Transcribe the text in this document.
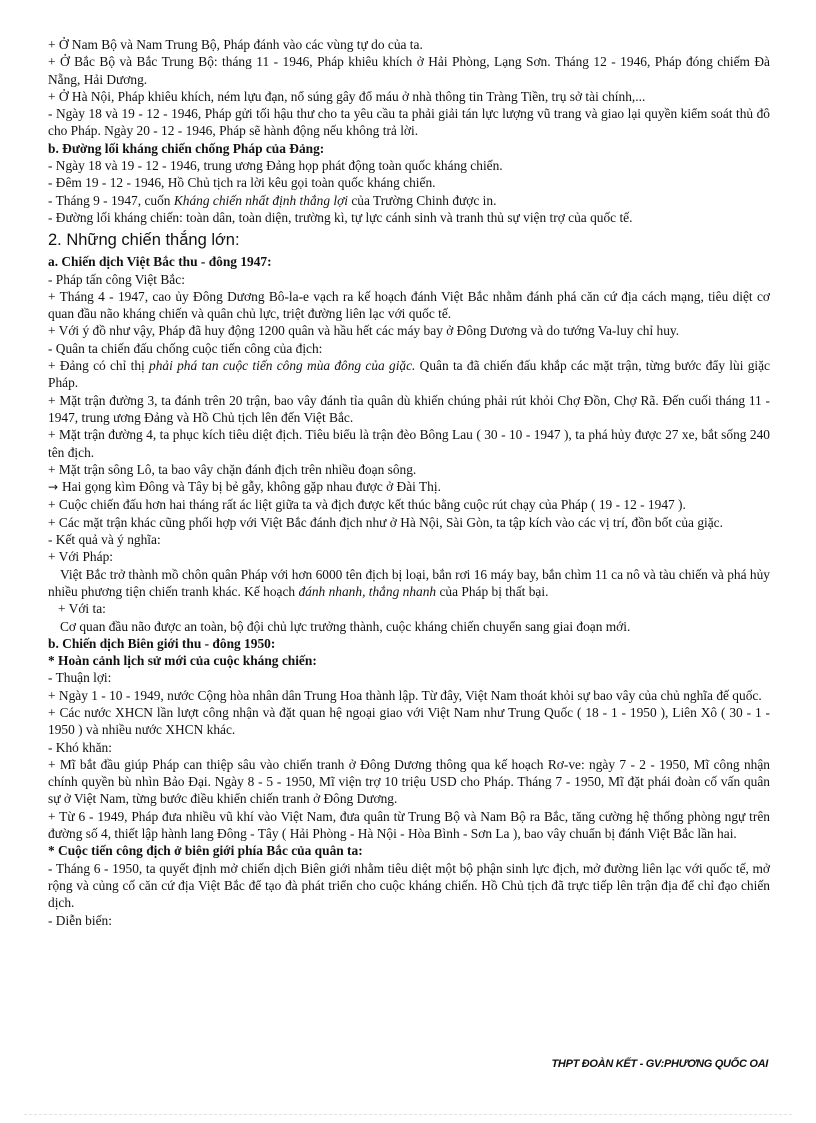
+ Ở Nam Bộ và Nam Trung Bộ, Pháp đánh vào các vùng tự do của ta.

+ Ở Bắc Bộ và Bắc Trung Bộ: tháng 11 - 1946, Pháp khiêu khích ở Hải Phòng, Lạng Sơn. Tháng 12 - 1946, Pháp đóng chiếm Đà Nẵng, Hải Dương.

+ Ở Hà Nội, Pháp khiêu khích, ném lựu đạn, nổ súng gây đổ máu ở nhà thông tin Tràng Tiền, trụ sở tài chính,...

- Ngày 18 và 19 - 12 - 1946, Pháp gửi tối hậu thư cho ta yêu cầu ta phải giải tán lực lượng vũ trang và giao lại quyền kiểm soát thủ đô cho Pháp. Ngày 20 - 12 - 1946, Pháp sẽ hành động nếu không trả lời.

b. Đường lối kháng chiến chống Pháp của Đảng:

- Ngày 18 và 19 - 12 - 1946, trung ương Đảng họp phát động toàn quốc kháng chiến.

- Đêm 19 - 12 - 1946, Hồ Chủ tịch ra lời kêu gọi toàn quốc kháng chiến.

- Tháng 9 - 1947, cuốn Kháng chiến nhất định thắng lợi của Trường Chinh được in.

- Đường lối kháng chiến: toàn dân, toàn diện, trường kì, tự lực cánh sinh và tranh thủ sự viện trợ của quốc tế.

2. Những chiến thắng lớn:

a. Chiến dịch Việt Bắc thu - đông 1947:

- Pháp tấn công Việt Bắc:

+ Tháng 4 - 1947, cao ủy Đông Dương Bô-la-e vạch ra kế hoạch đánh Việt Bắc nhằm đánh phá căn cứ địa cách mạng, tiêu diệt cơ quan đầu não kháng chiến và quân chủ lực, triệt đường liên lạc với quốc tế.

+ Với ý đồ như vậy, Pháp đã huy động 1200 quân và hầu hết các máy bay ở Đông Dương và do tướng Va-luy chỉ huy.

- Quân ta chiến đấu chống cuộc tiến công của địch:

+ Đảng có chỉ thị phải phá tan cuộc tiến công mùa đông của giặc. Quân ta đã chiến đấu khắp các mặt trận, từng bước đẩy lùi giặc Pháp.

+ Mặt trận đường 3, ta đánh trên 20 trận, bao vây đánh tỉa quân dù khiến chúng phải rút khỏi Chợ Đồn, Chợ Rã. Đến cuối tháng 11 - 1947, trung ương Đảng và Hồ Chủ tịch lên đến Việt Bắc.

+ Mặt trận đường 4, ta phục kích tiêu diệt địch. Tiêu biểu là trận đèo Bông Lau ( 30 - 10 - 1947 ), ta phá hủy được 27 xe, bắt sống 240 tên địch.

+ Mặt trận sông Lô, ta bao vây chặn đánh địch trên nhiều đoạn sông.

→ Hai gọng kìm Đông và Tây bị bẻ gẫy, không gặp nhau được ở Đài Thị.

+ Cuộc chiến đấu hơn hai tháng rất ác liệt giữa ta và địch được kết thúc bằng cuộc rút chạy của Pháp ( 19 - 12 - 1947 ).

+ Các mặt trận khác cũng phối hợp với Việt Bắc đánh địch như ở Hà Nội, Sài Gòn, ta tập kích vào các vị trí, đồn bốt của giặc.

- Kết quả và ý nghĩa:

+ Với Pháp:

Việt Bắc trở thành mồ chôn quân Pháp với hơn 6000 tên địch bị loại, bắn rơi 16 máy bay, bắn chìm 11 ca nô và tàu chiến và phá hủy nhiều phương tiện chiến tranh khác. Kế hoạch đánh nhanh, thắng nhanh của Pháp bị thất bại.

+ Với ta:

Cơ quan đầu não được an toàn, bộ đội chủ lực trưởng thành, cuộc kháng chiến chuyển sang giai đoạn mới.

b. Chiến dịch Biên giới thu - đông 1950:

* Hoàn cảnh lịch sử mới của cuộc kháng chiến:

- Thuận lợi:

+ Ngày 1 - 10 - 1949, nước Cộng hòa nhân dân Trung Hoa thành lập. Từ đây, Việt Nam thoát khỏi sự bao vây của chủ nghĩa đế quốc.

+ Các nước XHCN lần lượt công nhận và đặt quan hệ ngoại giao với Việt Nam như Trung Quốc ( 18 - 1 - 1950 ), Liên Xô ( 30 - 1 - 1950 ) và nhiều nước XHCN khác.

- Khó khăn:

+ Mĩ bắt đầu giúp Pháp can thiệp sâu vào chiến tranh ở Đông Dương thông qua kế hoạch Rơ-ve: ngày 7 - 2 - 1950, Mĩ công nhận chính quyền bù nhìn Bảo Đại. Ngày 8 - 5 - 1950, Mĩ viện trợ 10 triệu USD cho Pháp. Tháng 7 - 1950, Mĩ đặt phái đoàn cố vấn quân sự ở Việt Nam, từng bước điều khiển chiến tranh ở Đông Dương.

+ Từ 6 - 1949, Pháp đưa nhiều vũ khí vào Việt Nam, đưa quân từ Trung Bộ và Nam Bộ ra Bắc, tăng cường hệ thống phòng ngự trên đường số 4, thiết lập hành lang Đông - Tây ( Hải Phòng - Hà Nội - Hòa Bình - Sơn La ), bao vây chuẩn bị đánh Việt Bắc lần hai.

* Cuộc tiến công địch ở biên giới phía Bắc của quân ta:

- Tháng 6 - 1950, ta quyết định mở chiến dịch Biên giới nhằm tiêu diệt một bộ phận sinh lực địch, mở đường liên lạc với quốc tế, mở rộng và củng cố căn cứ địa Việt Bắc để tạo đà phát triển cho cuộc kháng chiến. Hồ Chủ tịch đã trực tiếp lên trận địa để chỉ đạo chiến dịch.

- Diễn biến:

THPT ĐOÀN KẾT - GV:PHƯƠNG QUỐC OAI
